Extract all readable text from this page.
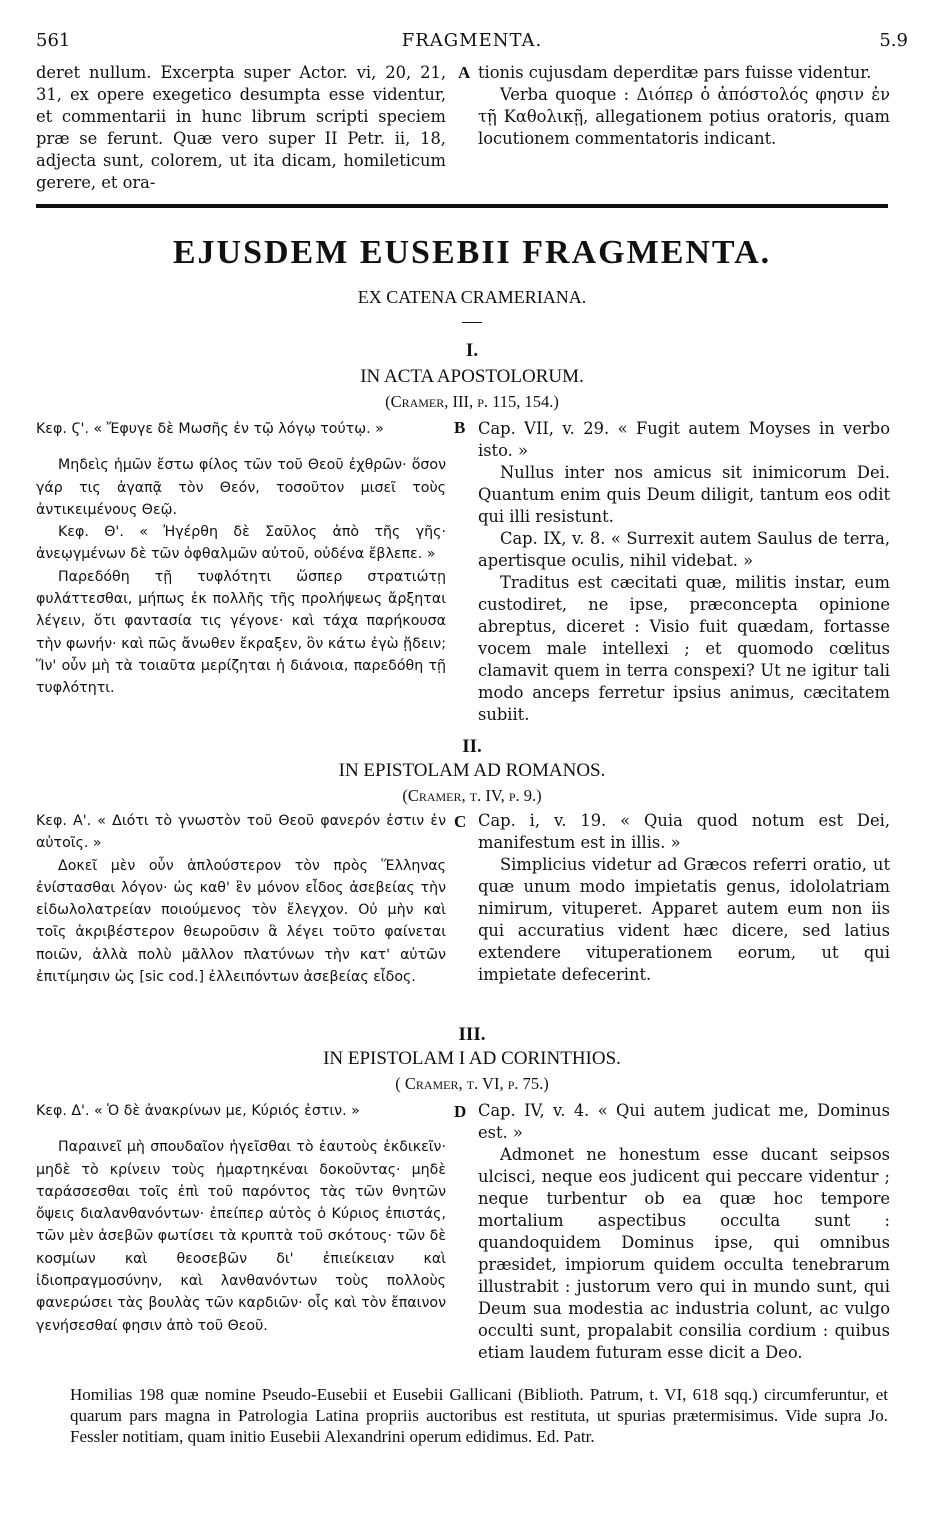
561	FRAGMENTA.	5.9

deret nullum. Excerpta super Actor. vi, 20, 21, 31, ex opere exegetico desumpta esse videntur, et commentarii in hunc librum scripti speciem præ se ferunt. Quæ vero super II Petr. ii, 18, adjecta sunt, colorem, ut ita dicam, homileticum gerere, et ora-

A tionis cujusdam deperditæ pars fuisse videntur.

Verba quoque : Διόπερ ὁ ἀπόστολός φησιν ἐν τῇ Καθολικῇ, allegationem potius oratoris, quam locutionem commentatoris indicant.

EJUSDEM EUSEBII FRAGMENTA.
EX CATENA CRAMERIANA.
I.
IN ACTA APOSTOLORUM.
(Cramer, III, p. 115, 154.)
B

Κεφ. Ϛ'. « Ἔφυγε δὲ Μωσῆς ἐν τῷ λόγῳ τούτῳ. »

Μηδεὶς ἡμῶν ἔστω φίλος τῶν τοῦ Θεοῦ ἐχθρῶν· ὅσον γάρ τις ἀγαπᾷ τὸν Θεόν, τοσοῦτον μισεῖ τοὺς ἀντικειμένους Θεῷ.

Κεφ. Θ'. « Ἠγέρθη δὲ Σαῦλος ἀπὸ τῆς γῆς· ἀνεῳγμένων δὲ τῶν ὀφθαλμῶν αὐτοῦ, οὐδένα ἔβλεπε. »

Παρεδόθη τῇ τυφλότητι ὥσπερ στρατιώτῃ φυλάττεσθαι, μήπως ἐκ πολλῆς τῆς προλήψεως ἄρξηται λέγειν, ὅτι φαντασία τις γέγονε· καὶ τάχα παρήκουσα τὴν φωνήν· καὶ πῶς ἄνωθεν ἔκραξεν, ὃν κάτω ἐγὼ ᾔδειν; Ἵν' οὖν μὴ τὰ τοιαῦτα μερίζηται ἡ διάνοια, παρεδόθη τῇ τυφλότητι.

Cap. VII, v. 29. « Fugit autem Moyses in verbo isto. »

Nullus inter nos amicus sit inimicorum Dei. Quantum enim quis Deum diligit, tantum eos odit qui illi resistunt.

Cap. IX, v. 8. « Surrexit autem Saulus de terra, apertisque oculis, nihil videbat. »

Traditus est cæcitati quæ, militis instar, eum custodiret, ne ipse, præconcepta opinione abreptus, diceret : Visio fuit quædam, fortasse vocem male intellexi ; et quomodo cœlitus clamavit quem in terra conspexi? Ut ne igitur tali modo anceps ferretur ipsius animus, cæcitatem subiit.

II.
IN EPISTOLAM AD ROMANOS.
(Cramer, t. IV, p. 9.)
C

Κεφ. Α'. « Διότι τὸ γνωστὸν τοῦ Θεοῦ φανερόν ἐστιν ἐν αὐτοῖς. »

Δοκεῖ μὲν οὖν ἁπλούστερον τὸν πρὸς Ἕλληνας ἐνίστασθαι λόγον· ὡς καθ' ἓν μόνον εἶδος ἀσεβείας τὴν εἰδωλολατρείαν ποιούμενος τὸν ἔλεγχον. Οὐ μὴν καὶ τοῖς ἀκριβέστερον θεωροῦσιν ἃ λέγει τοῦτο φαίνεται ποιῶν, ἀλλὰ πολὺ μᾶλλον πλατύνων τὴν κατ' αὐτῶν ἐπιτίμησιν ὡς [sic cod.] ἐλλειπόντων ἀσεβείας εἶδος.

Cap. i, v. 19. « Quia quod notum est Dei, manifestum est in illis. »

Simplicius videtur ad Græcos referri oratio, ut quæ unum modo impietatis genus, idololatriam nimirum, vituperet. Apparet autem eum non iis qui accuratius vident hæc dicere, sed latius extendere vituperationem eorum, ut qui impietate defecerint.

III.
IN EPISTOLAM I AD CORINTHIOS.
( Cramer, t. VI, p. 75.)
D

Κεφ. Δ'. « Ὁ δὲ ἀνακρίνων με, Κύριός ἐστιν. »

Παραινεῖ μὴ σπουδαῖον ἡγεῖσθαι τὸ ἑαυτοὺς ἐκδικεῖν· μηδὲ τὸ κρίνειν τοὺς ἡμαρτηκέναι δοκοῦντας· μηδὲ ταράσσεσθαι τοῖς ἐπὶ τοῦ παρόντος τὰς τῶν θνητῶν ὄψεις διαλανθανόντων· ἐπείπερ αὐτὸς ὁ Κύριος ἐπιστάς, τῶν μὲν ἀσεβῶν φωτίσει τὰ κρυπτὰ τοῦ σκότους· τῶν δὲ κοσμίων καὶ θεοσεβῶν δι' ἐπιείκειαν καὶ ἰδιοπραγμοσύνην, καὶ λανθανόντων τοὺς πολλοὺς φανερώσει τὰς βουλὰς τῶν καρδιῶν· οἷς καὶ τὸν ἔπαινον γενήσεσθαί φησιν ἀπὸ τοῦ Θεοῦ.

Cap. IV, v. 4. « Qui autem judicat me, Dominus est. »

Admonet ne honestum esse ducant seipsos ulcisci, neque eos judicent qui peccare videntur ; neque turbentur ob ea quæ hoc tempore mortalium aspectibus occulta sunt : quandoquidem Dominus ipse, qui omnibus præsidet, impiorum quidem occulta tenebrarum illustrabit : justorum vero qui in mundo sunt, qui Deum sua modestia ac industria colunt, ac vulgo occulti sunt, propalabit consilia cordium : quibus etiam laudem futuram esse dicit a Deo.

Homilias 198 quæ nomine Pseudo-Eusebii et Eusebii Gallicani (Biblioth. Patrum, t. VI, 618 sqq.) circumferuntur, et quarum pars magna in Patrologia Latina propriis auctoribus est restituta, ut spurias prætermisimus. Vide supra Jo. Fessler notitiam, quam initio Eusebii Alexandrini operum edidimus. Ed. Patr.
